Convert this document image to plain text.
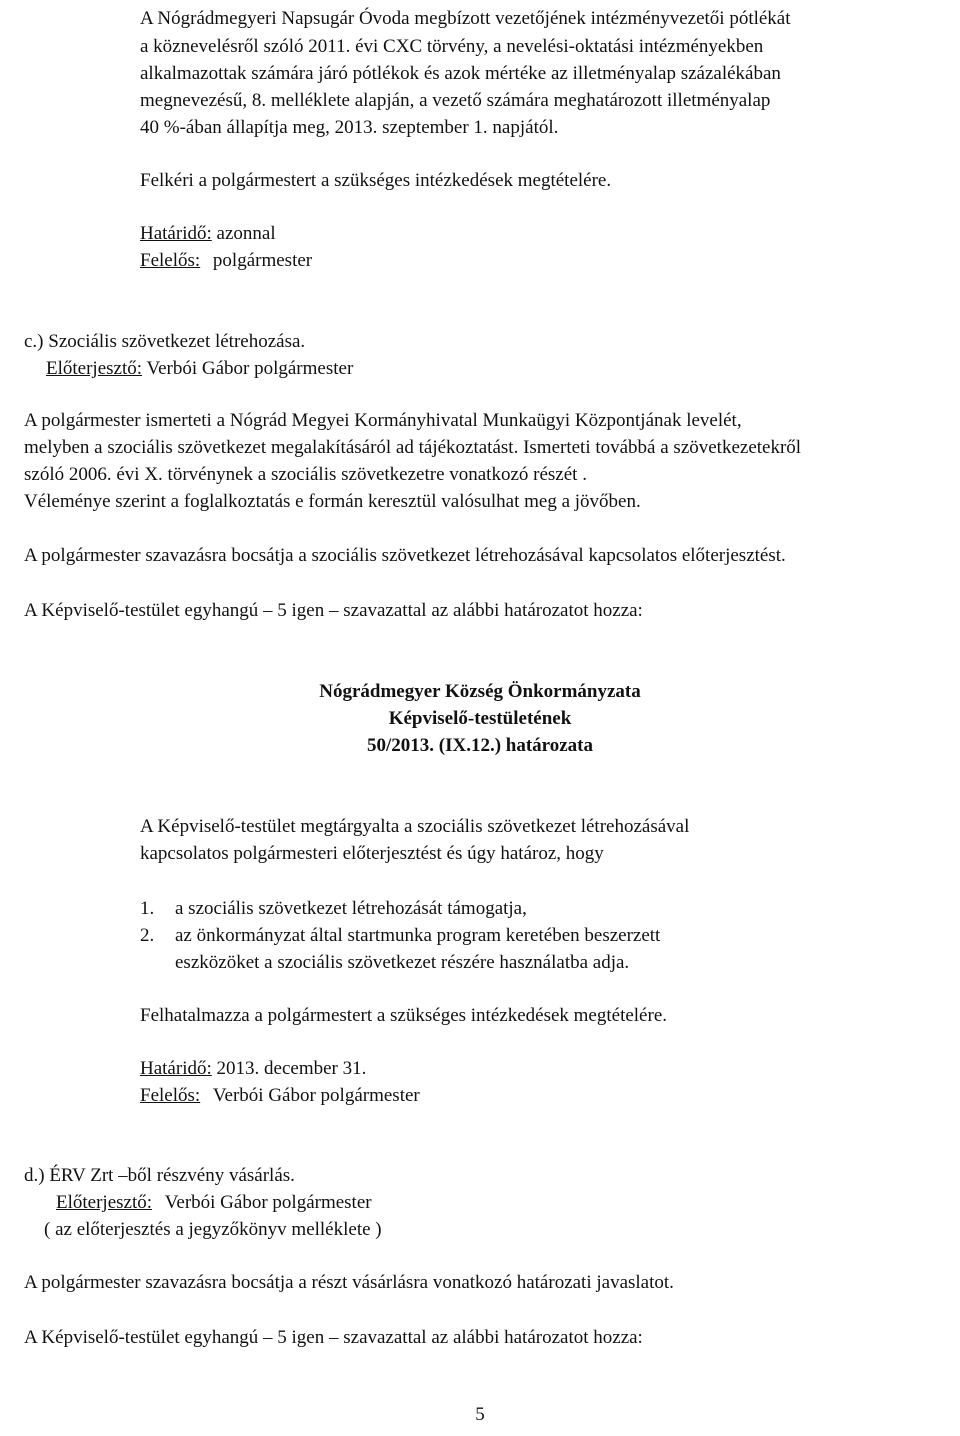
A Nógrádmegyeri Napsugár Óvoda megbízott vezetőjének intézményvezetői pótlékát
a köznevelésről szóló 2011. évi CXC törvény, a nevelési-oktatási intézményekben
alkalmazottak számára járó pótlékok és azok mértéke az illetményalap százalékában
megnevezésű, 8. melléklete alapján, a vezető számára meghatározott illetményalap
40 %-ában állapítja meg, 2013. szeptember 1. napjától.
Felkéri a polgármestert a szükséges intézkedések megtételére.
Határidő: azonnal
Felelős: polgármester
c.) Szociális szövetkezet létrehozása.
Előterjesztő: Verbói Gábor polgármester
A polgármester ismerteti a Nógrád Megyei Kormányhivatal Munkaügyi Központjának levelét,
melyben a szociális szövetkezet megalakításáról ad tájékoztatást. Ismerteti továbbá a szövetkezetekről
szóló 2006. évi X. törvénynek a szociális szövetkezetre vonatkozó részét .
Véleménye szerint a foglalkoztatás e formán keresztül valósulhat meg a jövőben.
A polgármester szavazásra bocsátja a szociális szövetkezet létrehozásával kapcsolatos előterjesztést.
A Képviselő-testület egyhangú – 5 igen – szavazattal az alábbi határozatot hozza:
Nógrádmegyer Község Önkormányzata
Képviselő-testületének
50/2013. (IX.12.) határozata
A Képviselő-testület megtárgyalta a szociális szövetkezet létrehozásával
kapcsolatos polgármesteri előterjesztést és úgy határoz, hogy
1. a szociális szövetkezet létrehozását támogatja,
2. az önkormányzat által startmunka program keretében beszerzett
eszközöket a szociális szövetkezet részére használatba adja.
Felhatalmazza a polgármestert a szükséges intézkedések megtételére.
Határidő: 2013. december 31.
Felelős: Verbói Gábor polgármester
d.) ÉRV Zrt –ből részvény vásárlás.
Előterjesztő: Verbói Gábor polgármester
( az előterjesztés a jegyzőkönyv melléklete )
A polgármester szavazásra bocsátja a részt vásárlásra vonatkozó határozati javaslatot.
A Képviselő-testület egyhangú – 5 igen – szavazattal az alábbi határozatot hozza:
5
